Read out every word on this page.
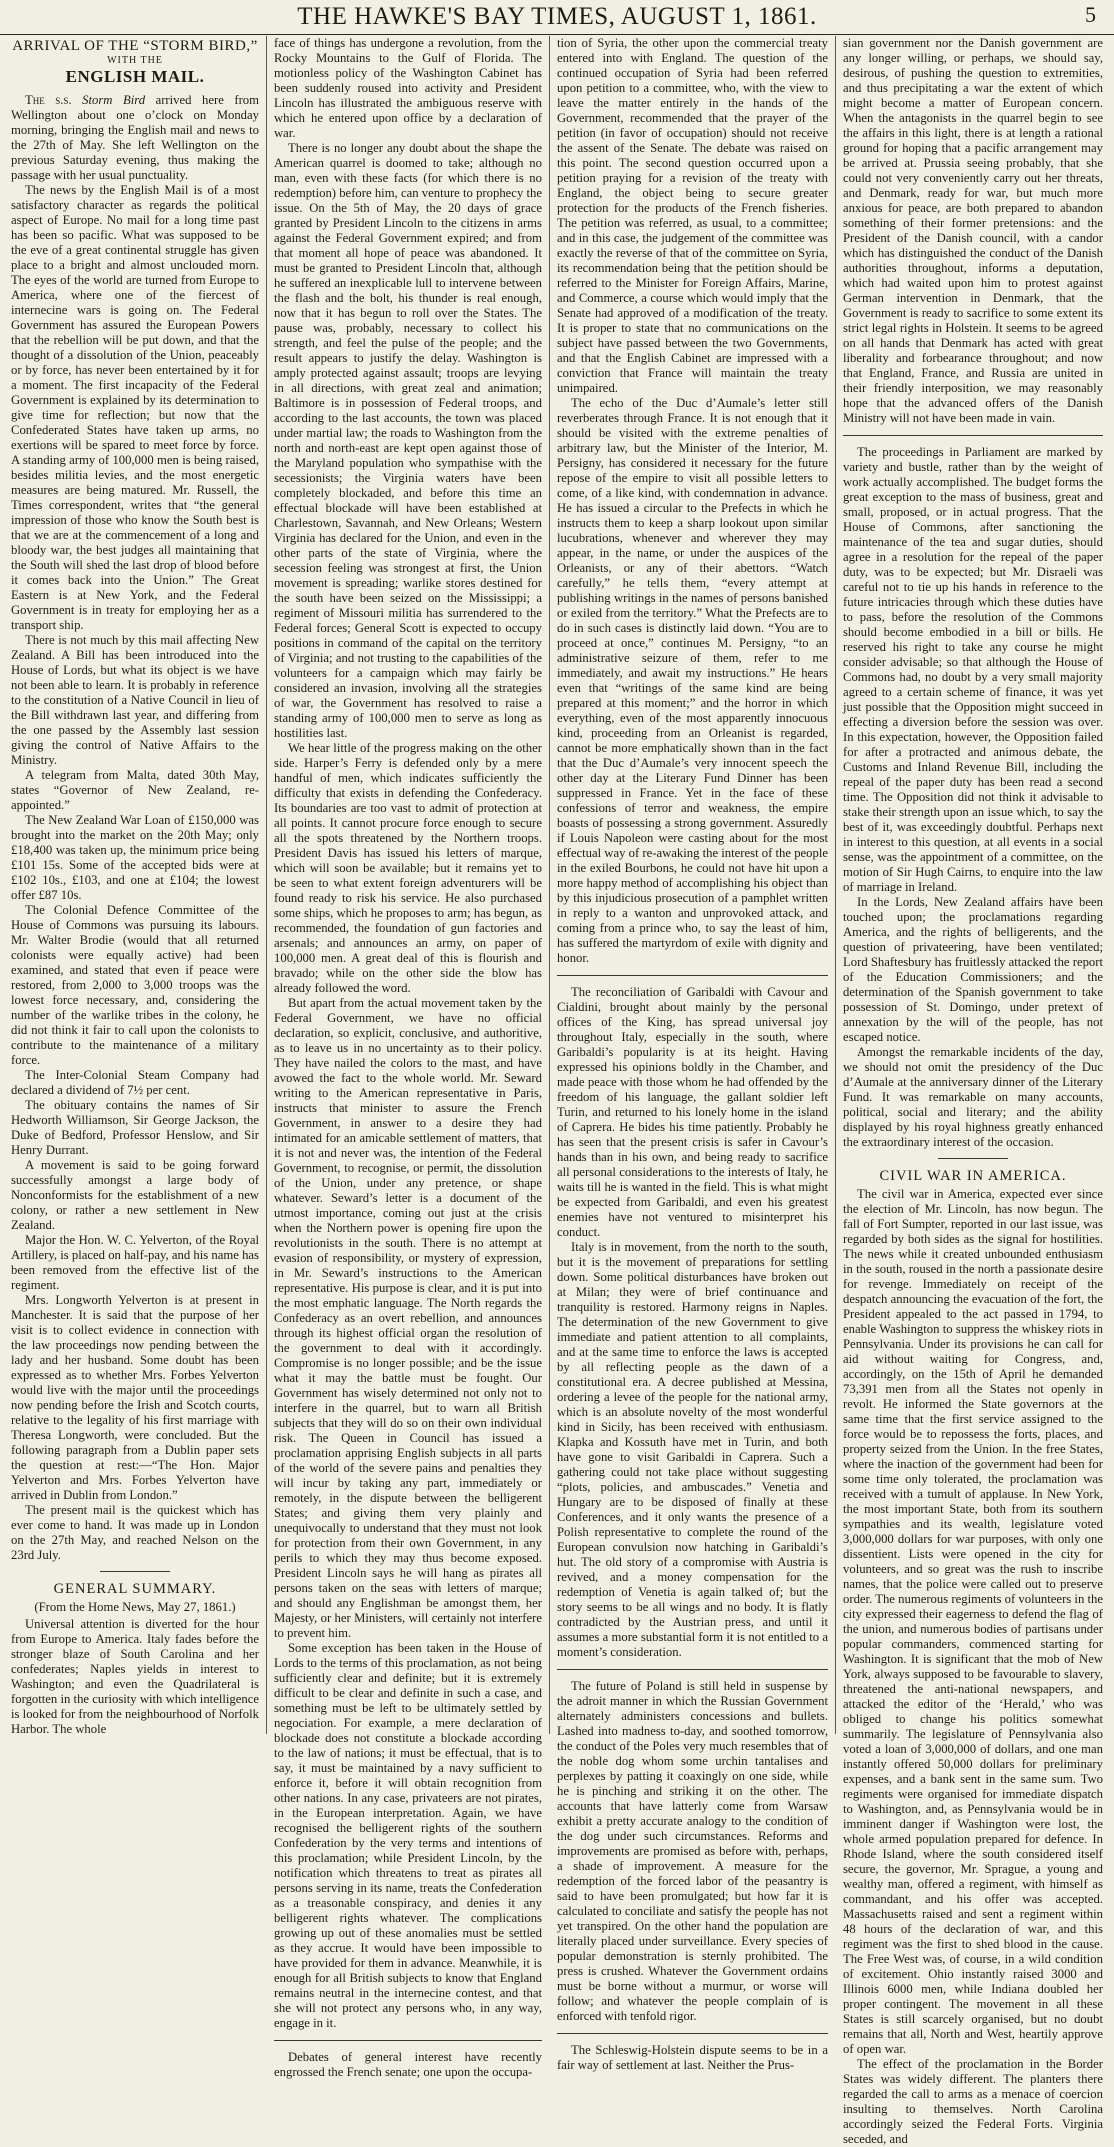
THE HAWKE'S BAY TIMES, AUGUST 1, 1861.	5
ARRIVAL OF THE “STORM BIRD,”
WITH THE
ENGLISH MAIL.

The s.s. Storm Bird arrived here from Wellington about one o’clock on Monday morning, bringing the English mail and news to the 27th of May. She left Wellington on the previous Saturday evening, thus making the passage with her usual punctuality.

The news by the English Mail is of a most satisfactory character as regards the political aspect of Europe. No mail for a long time past has been so pacific. What was supposed to be the eve of a great continental struggle has given place to a bright and almost unclouded morn. The eyes of the world are turned from Europe to America, where one of the fiercest of internecine wars is going on. The Federal Government has assured the European Powers that the rebellion will be put down, and that the thought of a dissolution of the Union, peaceably or by force, has never been entertained by it for a moment. The first incapacity of the Federal Government is explained by its determination to give time for reflection; but now that the Confederated States have taken up arms, no exertions will be spared to meet force by force. A standing army of 100,000 men is being raised, besides militia levies, and the most energetic measures are being matured. Mr. Russell, the Times correspondent, writes that “the general impression of those who know the South best is that we are at the commencement of a long and bloody war, the best judges all maintaining that the South will shed the last drop of blood before it comes back into the Union.” The Great Eastern is at New York, and the Federal Government is in treaty for employing her as a transport ship.

There is not much by this mail affecting New Zealand. A Bill has been introduced into the House of Lords, but what its object is we have not been able to learn. It is probably in reference to the constitution of a Native Council in lieu of the Bill withdrawn last year, and differing from the one passed by the Assembly last session giving the control of Native Affairs to the Ministry.

A telegram from Malta, dated 30th May, states “Governor of New Zealand, re-appointed.”

The New Zealand War Loan of £150,000 was brought into the market on the 20th May; only £18,400 was taken up, the minimum price being £101 15s. Some of the accepted bids were at £102 10s., £103, and one at £104; the lowest offer £87 10s.

The Colonial Defence Committee of the House of Commons was pursuing its labours. Mr. Walter Brodie (would that all returned colonists were equally active) had been examined, and stated that even if peace were restored, from 2,000 to 3,000 troops was the lowest force necessary, and, considering the number of the warlike tribes in the colony, he did not think it fair to call upon the colonists to contribute to the maintenance of a military force.

The Inter-Colonial Steam Company had declared a dividend of 7½ per cent.

The obituary contains the names of Sir Hedworth Williamson, Sir George Jackson, the Duke of Bedford, Professor Henslow, and Sir Henry Durrant.

A movement is said to be going forward successfully amongst a large body of Nonconformists for the establishment of a new colony, or rather a new settlement in New Zealand.

Major the Hon. W. C. Yelverton, of the Royal Artillery, is placed on half-pay, and his name has been removed from the effective list of the regiment.

Mrs. Longworth Yelverton is at present in Manchester. It is said that the purpose of her visit is to collect evidence in connection with the law proceedings now pending between the lady and her husband. Some doubt has been expressed as to whether Mrs. Forbes Yelverton would live with the major until the proceedings now pending before the Irish and Scotch courts, relative to the legality of his first marriage with Theresa Longworth, were concluded. But the following paragraph from a Dublin paper sets the question at rest:—“The Hon. Major Yelverton and Mrs. Forbes Yelverton have arrived in Dublin from London.”

The present mail is the quickest which has ever come to hand. It was made up in London on the 27th May, and reached Nelson on the 23rd July.

GENERAL SUMMARY.

(From the Home News, May 27, 1861.)

Universal attention is diverted for the hour from Europe to America. Italy fades before the stronger blaze of South Carolina and her confederates; Naples yields in interest to Washington; and even the Quadrilateral is forgotten in the curiosity with which intelligence is looked for from the neighbourhood of Norfolk Harbor. The whole

face of things has undergone a revolution, from the Rocky Mountains to the Gulf of Florida. The motionless policy of the Washington Cabinet has been suddenly roused into activity and President Lincoln has illustrated the ambiguous reserve with which he entered upon office by a declaration of war.

There is no longer any doubt about the shape the American quarrel is doomed to take; although no man, even with these facts (for which there is no redemption) before him, can venture to prophecy the issue. On the 5th of May, the 20 days of grace granted by President Lincoln to the citizens in arms against the Federal Government expired; and from that moment all hope of peace was abandoned. It must be granted to President Lincoln that, although he suffered an inexplicable lull to intervene between the flash and the bolt, his thunder is real enough, now that it has begun to roll over the States. The pause was, probably, necessary to collect his strength, and feel the pulse of the people; and the result appears to justify the delay. Washington is amply protected against assault; troops are levying in all directions, with great zeal and animation; Baltimore is in possession of Federal troops, and according to the last accounts, the town was placed under martial law; the roads to Washington from the north and north-east are kept open against those of the Maryland population who sympathise with the secessionists; the Virginia waters have been completely blockaded, and before this time an effectual blockade will have been established at Charlestown, Savannah, and New Orleans; Western Virginia has declared for the Union, and even in the other parts of the state of Virginia, where the secession feeling was strongest at first, the Union movement is spreading; warlike stores destined for the south have been seized on the Mississippi; a regiment of Missouri militia has surrendered to the Federal forces; General Scott is expected to occupy positions in command of the capital on the territory of Virginia; and not trusting to the capabilities of the volunteers for a campaign which may fairly be considered an invasion, involving all the strategies of war, the Government has resolved to raise a standing army of 100,000 men to serve as long as hostilities last.

We hear little of the progress making on the other side. Harper’s Ferry is defended only by a mere handful of men, which indicates sufficiently the difficulty that exists in defending the Confederacy. Its boundaries are too vast to admit of protection at all points. It cannot procure force enough to secure all the spots threatened by the Northern troops. President Davis has issued his letters of marque, which will soon be available; but it remains yet to be seen to what extent foreign adventurers will be found ready to risk his service. He also purchased some ships, which he proposes to arm; has begun, as recommended, the foundation of gun factories and arsenals; and announces an army, on paper of 100,000 men. A great deal of this is flourish and bravado; while on the other side the blow has already followed the word.

But apart from the actual movement taken by the Federal Government, we have no official declaration, so explicit, conclusive, and authoritive, as to leave us in no uncertainty as to their policy. They have nailed the colors to the mast, and have avowed the fact to the whole world. Mr. Seward writing to the American representative in Paris, instructs that minister to assure the French Government, in answer to a desire they had intimated for an amicable settlement of matters, that it is not and never was, the intention of the Federal Government, to recognise, or permit, the dissolution of the Union, under any pretence, or shape whatever. Seward’s letter is a document of the utmost importance, coming out just at the crisis when the Northern power is opening fire upon the revolutionists in the south. There is no attempt at evasion of responsibility, or mystery of expression, in Mr. Seward’s instructions to the American representative. His purpose is clear, and it is put into the most emphatic language. The North regards the Confederacy as an overt rebellion, and announces through its highest official organ the resolution of the government to deal with it accordingly. Compromise is no longer possible; and be the issue what it may the battle must be fought. Our Government has wisely determined not only not to interfere in the quarrel, but to warn all British subjects that they will do so on their own individual risk. The Queen in Council has issued a proclamation apprising English subjects in all parts of the world of the severe pains and penalties they will incur by taking any part, immediately or remotely, in the dispute between the belligerent States; and giving them very plainly and unequivocally to understand that they must not look for protection from their own Government, in any perils to which they may thus become exposed. President Lincoln says he will hang as pirates all persons taken on the seas with letters of marque; and should any Englishman be amongst them, her Majesty, or her Ministers, will certainly not interfere to prevent him.

Some exception has been taken in the House of Lords to the terms of this proclamation, as not being sufficiently clear and definite; but it is extremely difficult to be clear and definite in such a case, and something must be left to be ultimately settled by negociation. For example, a mere declaration of blockade does not constitute a blockade according to the law of nations; it must be effectual, that is to say, it must be maintained by a navy sufficient to enforce it, before it will obtain recognition from other nations. In any case, privateers are not pirates, in the European interpretation. Again, we have recognised the belligerent rights of the southern Confederation by the very terms and intentions of this proclamation; while President Lincoln, by the notification which threatens to treat as pirates all persons serving in its name, treats the Confederation as a treasonable conspiracy, and denies it any belligerent rights whatever. The complications growing up out of these anomalies must be settled as they accrue. It would have been impossible to have provided for them in advance. Meanwhile, it is enough for all British subjects to know that England remains neutral in the internecine contest, and that she will not protect any persons who, in any way, engage in it.

Debates of general interest have recently engrossed the French senate; one upon the occupa-

tion of Syria, the other upon the commercial treaty entered into with England. The question of the continued occupation of Syria had been referred upon petition to a committee, who, with the view to leave the matter entirely in the hands of the Government, recommended that the prayer of the petition (in favor of occupation) should not receive the assent of the Senate. The debate was raised on this point. The second question occurred upon a petition praying for a revision of the treaty with England, the object being to secure greater protection for the products of the French fisheries. The petition was referred, as usual, to a committee; and in this case, the judgement of the committee was exactly the reverse of that of the committee on Syria, its recommendation being that the petition should be referred to the Minister for Foreign Affairs, Marine, and Commerce, a course which would imply that the Senate had approved of a modification of the treaty. It is proper to state that no communications on the subject have passed between the two Governments, and that the English Cabinet are impressed with a conviction that France will maintain the treaty unimpaired.

The echo of the Duc d’Aumale’s letter still reverberates through France. It is not enough that it should be visited with the extreme penalties of arbitrary law, but the Minister of the Interior, M. Persigny, has considered it necessary for the future repose of the empire to visit all possible letters to come, of a like kind, with condemnation in advance. He has issued a circular to the Prefects in which he instructs them to keep a sharp lookout upon similar lucubrations, whenever and wherever they may appear, in the name, or under the auspices of the Orleanists, or any of their abettors. “Watch carefully,” he tells them, “every attempt at publishing writings in the names of persons banished or exiled from the territory.” What the Prefects are to do in such cases is distinctly laid down. “You are to proceed at once,” continues M. Persigny, “to an administrative seizure of them, refer to me immediately, and await my instructions.” He hears even that “writings of the same kind are being prepared at this moment;” and the horror in which everything, even of the most apparently innocuous kind, proceeding from an Orleanist is regarded, cannot be more emphatically shown than in the fact that the Duc d’Aumale’s very innocent speech the other day at the Literary Fund Dinner has been suppressed in France. Yet in the face of these confessions of terror and weakness, the empire boasts of possessing a strong government. Assuredly if Louis Napoleon were casting about for the most effectual way of re-awaking the interest of the people in the exiled Bourbons, he could not have hit upon a more happy method of accomplishing his object than by this injudicious prosecution of a pamphlet written in reply to a wanton and unprovoked attack, and coming from a prince who, to say the least of him, has suffered the martyrdom of exile with dignity and honor.

The reconciliation of Garibaldi with Cavour and Cialdini, brought about mainly by the personal offices of the King, has spread universal joy throughout Italy, especially in the south, where Garibaldi’s popularity is at its height. Having expressed his opinions boldly in the Chamber, and made peace with those whom he had offended by the freedom of his language, the gallant soldier left Turin, and returned to his lonely home in the island of Caprera. He bides his time patiently. Probably he has seen that the present crisis is safer in Cavour’s hands than in his own, and being ready to sacrifice all personal considerations to the interests of Italy, he waits till he is wanted in the field. This is what might be expected from Garibaldi, and even his greatest enemies have not ventured to misinterpret his conduct.

Italy is in movement, from the north to the south, but it is the movement of preparations for settling down. Some political disturbances have broken out at Milan; they were of brief continuance and tranquility is restored. Harmony reigns in Naples. The determination of the new Government to give immediate and patient attention to all complaints, and at the same time to enforce the laws is accepted by all reflecting people as the dawn of a constitutional era. A decree published at Messina, ordering a levee of the people for the national army, which is an absolute novelty of the most wonderful kind in Sicily, has been received with enthusiasm. Klapka and Kossuth have met in Turin, and both have gone to visit Garibaldi in Caprera. Such a gathering could not take place without suggesting “plots, policies, and ambuscades.” Venetia and Hungary are to be disposed of finally at these Conferences, and it only wants the presence of a Polish representative to complete the round of the European convulsion now hatching in Garibaldi’s hut. The old story of a compromise with Austria is revived, and a money compensation for the redemption of Venetia is again talked of; but the story seems to be all wings and no body. It is flatly contradicted by the Austrian press, and until it assumes a more substantial form it is not entitled to a moment’s consideration.

The future of Poland is still held in suspense by the adroit manner in which the Russian Government alternately administers concessions and bullets. Lashed into madness to-day, and soothed tomorrow, the conduct of the Poles very much resembles that of the noble dog whom some urchin tantalises and perplexes by patting it coaxingly on one side, while he is pinching and striking it on the other. The accounts that have latterly come from Warsaw exhibit a pretty accurate analogy to the condition of the dog under such circumstances. Reforms and improvements are promised as before with, perhaps, a shade of improvement. A measure for the redemption of the forced labor of the peasantry is said to have been promulgated; but how far it is calculated to conciliate and satisfy the people has not yet transpired. On the other hand the population are literally placed under surveillance. Every species of popular demonstration is sternly prohibited. The press is crushed. Whatever the Government ordains must be borne without a murmur, or worse will follow; and whatever the people complain of is enforced with tenfold rigor.

The Schleswig-Holstein dispute seems to be in a fair way of settlement at last. Neither the Prus-

sian government nor the Danish government are any longer willing, or perhaps, we should say, desirous, of pushing the question to extremities, and thus precipitating a war the extent of which might become a matter of European concern. When the antagonists in the quarrel begin to see the affairs in this light, there is at length a rational ground for hoping that a pacific arrangement may be arrived at. Prussia seeing probably, that she could not very conveniently carry out her threats, and Denmark, ready for war, but much more anxious for peace, are both prepared to abandon something of their former pretensions: and the President of the Danish council, with a candor which has distinguished the conduct of the Danish authorities throughout, informs a deputation, which had waited upon him to protest against German intervention in Denmark, that the Government is ready to sacrifice to some extent its strict legal rights in Holstein. It seems to be agreed on all hands that Denmark has acted with great liberality and forbearance throughout; and now that England, France, and Russia are united in their friendly interposition, we may reasonably hope that the advanced offers of the Danish Ministry will not have been made in vain.

The proceedings in Parliament are marked by variety and bustle, rather than by the weight of work actually accomplished. The budget forms the great exception to the mass of business, great and small, proposed, or in actual progress. That the House of Commons, after sanctioning the maintenance of the tea and sugar duties, should agree in a resolution for the repeal of the paper duty, was to be expected; but Mr. Disraeli was careful not to tie up his hands in reference to the future intricacies through which these duties have to pass, before the resolution of the Commons should become embodied in a bill or bills. He reserved his right to take any course he might consider advisable; so that although the House of Commons had, no doubt by a very small majority agreed to a certain scheme of finance, it was yet just possible that the Opposition might succeed in effecting a diversion before the session was over. In this expectation, however, the Opposition failed for after a protracted and animous debate, the Customs and Inland Revenue Bill, including the repeal of the paper duty has been read a second time. The Opposition did not think it advisable to stake their strength upon an issue which, to say the best of it, was exceedingly doubtful. Perhaps next in interest to this question, at all events in a social sense, was the appointment of a committee, on the motion of Sir Hugh Cairns, to enquire into the law of marriage in Ireland.

In the Lords, New Zealand affairs have been touched upon; the proclamations regarding America, and the rights of belligerents, and the question of privateering, have been ventilated; Lord Shaftesbury has fruitlessly attacked the report of the Education Commissioners; and the determination of the Spanish government to take possession of St. Domingo, under pretext of annexation by the will of the people, has not escaped notice.

Amongst the remarkable incidents of the day, we should not omit the presidency of the Duc d’Aumale at the anniversary dinner of the Literary Fund. It was remarkable on many accounts, political, social and literary; and the ability displayed by his royal highness greatly enhanced the extraordinary interest of the occasion.

CIVIL WAR IN AMERICA.

The civil war in America, expected ever since the election of Mr. Lincoln, has now begun. The fall of Fort Sumpter, reported in our last issue, was regarded by both sides as the signal for hostilities. The news while it created unbounded enthusiasm in the south, roused in the north a passionate desire for revenge. Immediately on receipt of the despatch announcing the evacuation of the fort, the President appealed to the act passed in 1794, to enable Washington to suppress the whiskey riots in Pennsylvania. Under its provisions he can call for aid without waiting for Congress, and, accordingly, on the 15th of April he demanded 73,391 men from all the States not openly in revolt. He informed the State governors at the same time that the first service assigned to the force would be to repossess the forts, places, and property seized from the Union. In the free States, where the inaction of the government had been for some time only tolerated, the proclamation was received with a tumult of applause. In New York, the most important State, both from its southern sympathies and its wealth, legislature voted 3,000,000 dollars for war purposes, with only one dissentient. Lists were opened in the city for volunteers, and so great was the rush to inscribe names, that the police were called out to preserve order. The numerous regiments of volunteers in the city expressed their eagerness to defend the flag of the union, and numerous bodies of partisans under popular commanders, commenced starting for Washington. It is significant that the mob of New York, always supposed to be favourable to slavery, threatened the anti-national newspapers, and attacked the editor of the ‘Herald,’ who was obliged to change his politics somewhat summarily. The legislature of Pennsylvania also voted a loan of 3,000,000 of dollars, and one man instantly offered 50,000 dollars for preliminary expenses, and a bank sent in the same sum. Two regiments were organised for immediate dispatch to Washington, and, as Pennsylvania would be in imminent danger if Washington were lost, the whole armed population prepared for defence. In Rhode Island, where the south considered itself secure, the governor, Mr. Sprague, a young and wealthy man, offered a regiment, with himself as commandant, and his offer was accepted. Massachusetts raised and sent a regiment within 48 hours of the declaration of war, and this regiment was the first to shed blood in the cause. The Free West was, of course, in a wild condition of excitement. Ohio instantly raised 3000 and Illinois 6000 men, while Indiana doubled her proper contingent. The movement in all these States is still scarcely organised, but no doubt remains that all, North and West, heartily approve of open war.

The effect of the proclamation in the Border States was widely different. The planters there regarded the call to arms as a menace of coercion insulting to themselves. North Carolina accordingly seized the Federal Forts. Virginia seceded, and
